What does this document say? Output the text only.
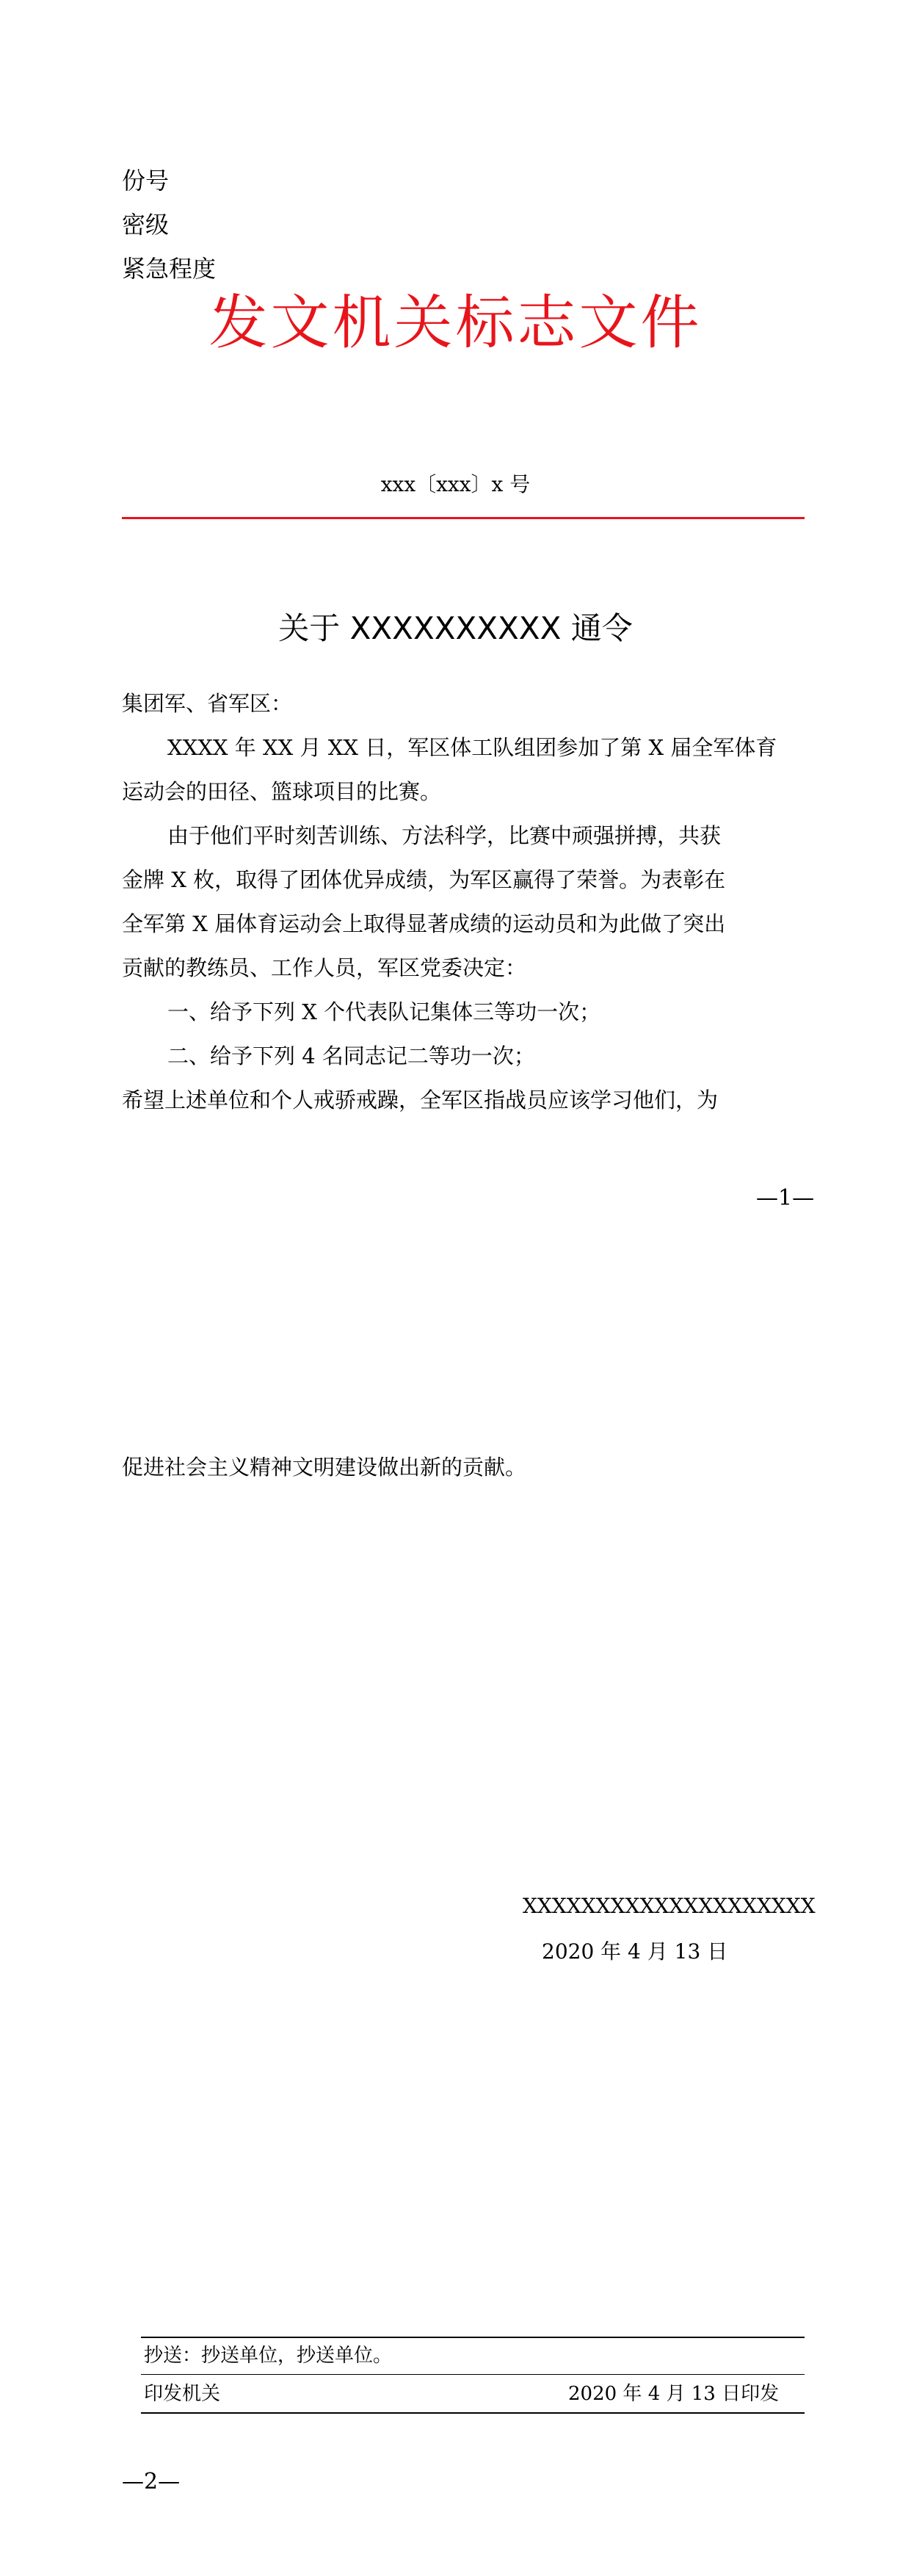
份号
密级
紧急程度
发文机关标志文件
xxx〔xxx〕x 号
关于 XXXXXXXXXX 通令
集团军、省军区：
XXXX 年 XX 月 XX 日，军区体工队组团参加了第 X 届全军体育
运动会的田径、篮球项目的比赛。
由于他们平时刻苦训练、方法科学，比赛中顽强拼搏，共获
金牌 X 枚，取得了团体优异成绩，为军区赢得了荣誉。为表彰在
全军第 X 届体育运动会上取得显著成绩的运动员和为此做了突出
贡献的教练员、工作人员，军区党委决定：
一、给予下列 X 个代表队记集体三等功一次；
二、给予下列 4 名同志记二等功一次；
希望上述单位和个人戒骄戒躁，全军区指战员应该学习他们，为
—1—
促进社会主义精神文明建设做出新的贡献。
XXXXXXXXXXXXXXXXXXXX
2020 年 4 月 13 日
抄送：抄送单位，抄送单位。
印发机关	2020 年 4 月 13 日印发
—2—
